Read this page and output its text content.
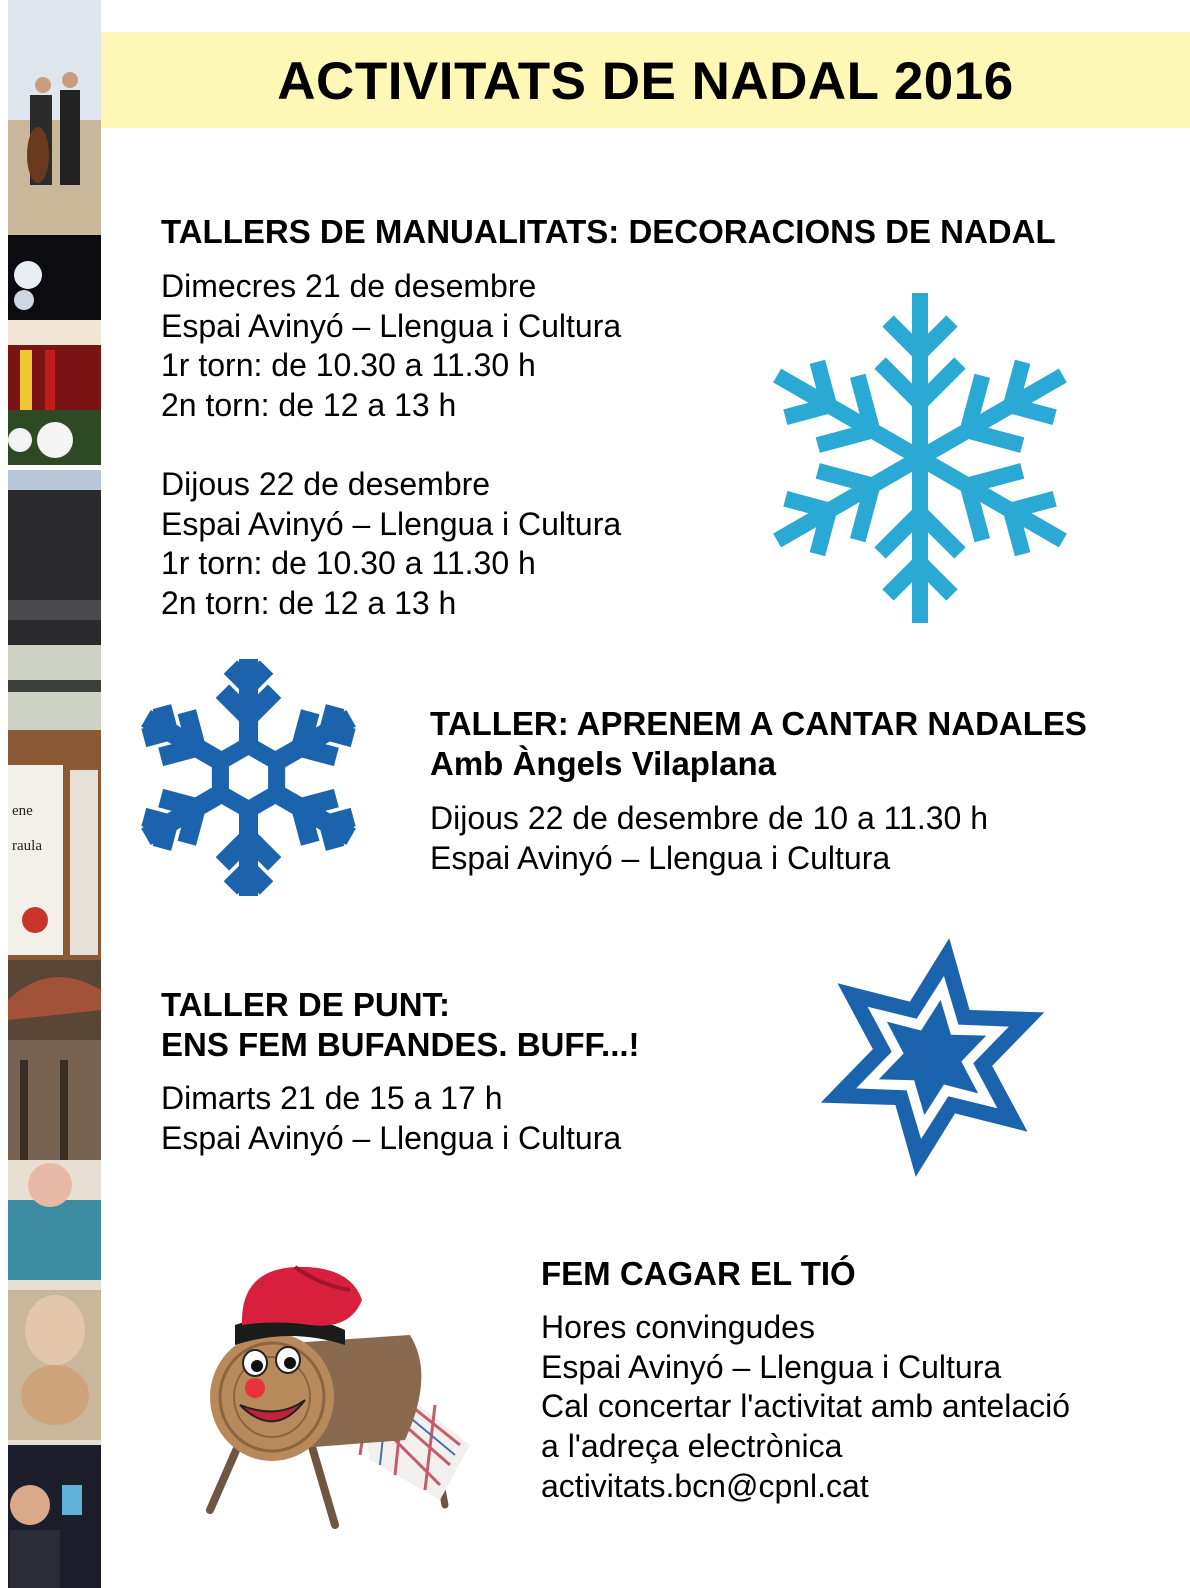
ene
raula
ACTIVITATS DE NADAL 2016
TALLERS DE MANUALITATS: DECORACIONS DE NADAL

Dimecres 21 de desembre

Espai Avinyó – Llengua i Cultura

1r torn: de 10.30 a 11.30 h

2n torn: de 12 a 13 h

Dijous 22 de desembre

Espai Avinyó – Llengua i Cultura

1r torn: de 10.30 a 11.30 h

2n torn: de 12 a 13 h

TALLER: APRENEM A CANTAR NADALES
Amb Àngels Vilaplana

Dijous 22 de desembre de 10 a 11.30 h

Espai Avinyó – Llengua i Cultura

TALLER DE PUNT:
ENS FEM BUFANDES. BUFF...!

Dimarts 21 de 15 a 17 h

Espai Avinyó – Llengua i Cultura

FEM CAGAR EL TIÓ

Hores convingudes

Espai Avinyó – Llengua i Cultura

Cal concertar l'activitat amb antelació

a l'adreça electrònica

activitats.bcn@cpnl.cat
